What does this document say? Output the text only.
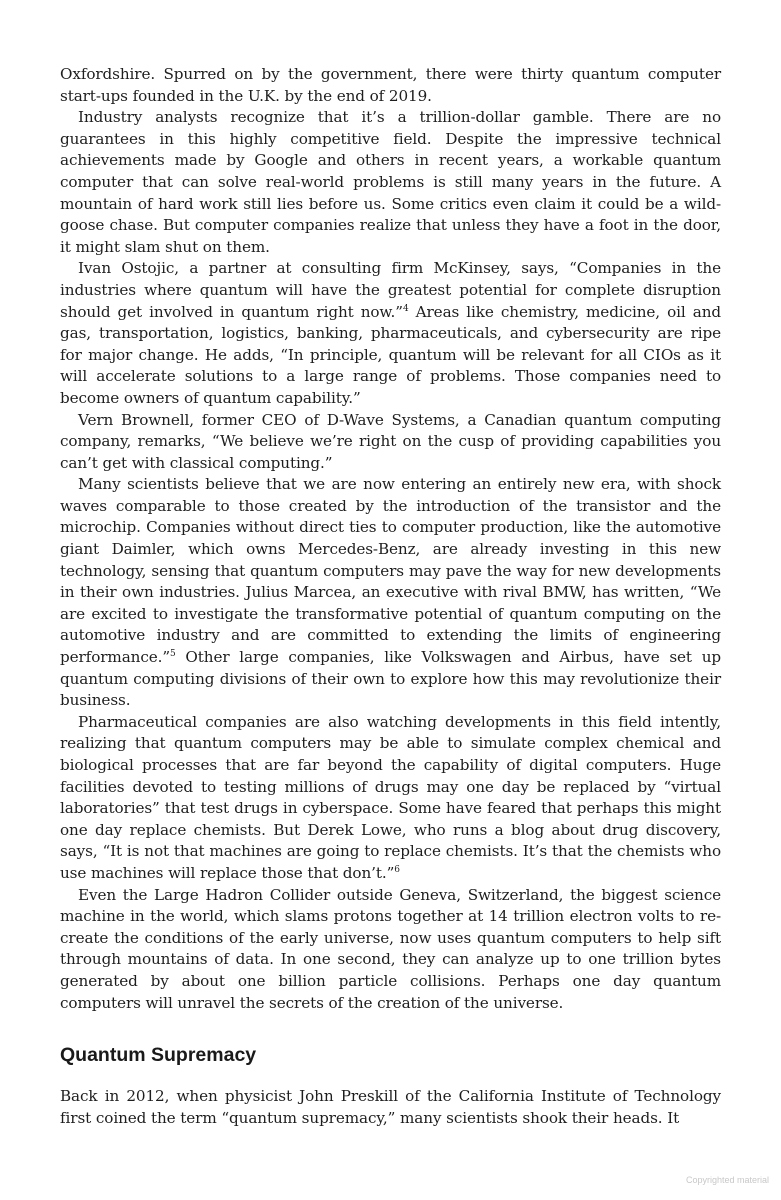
Oxfordshire. Spurred on by the government, there were thirty quantum computer start-ups founded in the U.K. by the end of 2019.

Industry analysts recognize that it’s a trillion-dollar gamble. There are no guarantees in this highly competitive field. Despite the impressive technical achievements made by Google and others in recent years, a workable quantum computer that can solve real-world problems is still many years in the future. A mountain of hard work still lies before us. Some critics even claim it could be a wild-goose chase. But computer companies realize that unless they have a foot in the door, it might slam shut on them.

Ivan Ostojic, a partner at consulting firm McKinsey, says, “Companies in the industries where quantum will have the greatest potential for complete disruption should get involved in quantum right now.”$^4$ Areas like chemistry, medicine, oil and gas, transportation, logistics, banking, pharmaceuticals, and cybersecurity are ripe for major change. He adds, “In principle, quantum will be relevant for all CIOs as it will accelerate solutions to a large range of problems. Those companies need to become owners of quantum capability.”

Vern Brownell, former CEO of D-Wave Systems, a Canadian quantum computing company, remarks, “We believe we’re right on the cusp of providing capabilities you can’t get with classical computing.”

Many scientists believe that we are now entering an entirely new era, with shock waves comparable to those created by the introduction of the transistor and the microchip. Companies without direct ties to computer production, like the automotive giant Daimler, which owns Mercedes-Benz, are already investing in this new technology, sensing that quantum computers may pave the way for new developments in their own industries. Julius Marcea, an executive with rival BMW, has written, “We are excited to investigate the transformative potential of quantum computing on the automotive industry and are committed to extending the limits of engineering performance.”$^5$ Other large companies, like Volkswagen and Airbus, have set up quantum computing divisions of their own to explore how this may revolutionize their business.

Pharmaceutical companies are also watching developments in this field intently, realizing that quantum computers may be able to simulate complex chemical and biological processes that are far beyond the capability of digital computers. Huge facilities devoted to testing millions of drugs may one day be replaced by “virtual laboratories” that test drugs in cyberspace. Some have feared that perhaps this might one day replace chemists. But Derek Lowe, who runs a blog about drug discovery, says, “It is not that machines are going to replace chemists. It’s that the chemists who use machines will replace those that don’t.”$^6$

Even the Large Hadron Collider outside Geneva, Switzerland, the biggest science machine in the world, which slams protons together at 14 trillion electron volts to re-create the conditions of the early universe, now uses quantum computers to help sift through mountains of data. In one second, they can analyze up to one trillion bytes generated by about one billion particle collisions. Perhaps one day quantum computers will unravel the secrets of the creation of the universe.

Quantum Supremacy

Back in 2012, when physicist John Preskill of the California Institute of Technology first coined the term “quantum supremacy,” many scientists shook their heads. It

Copyrighted material
